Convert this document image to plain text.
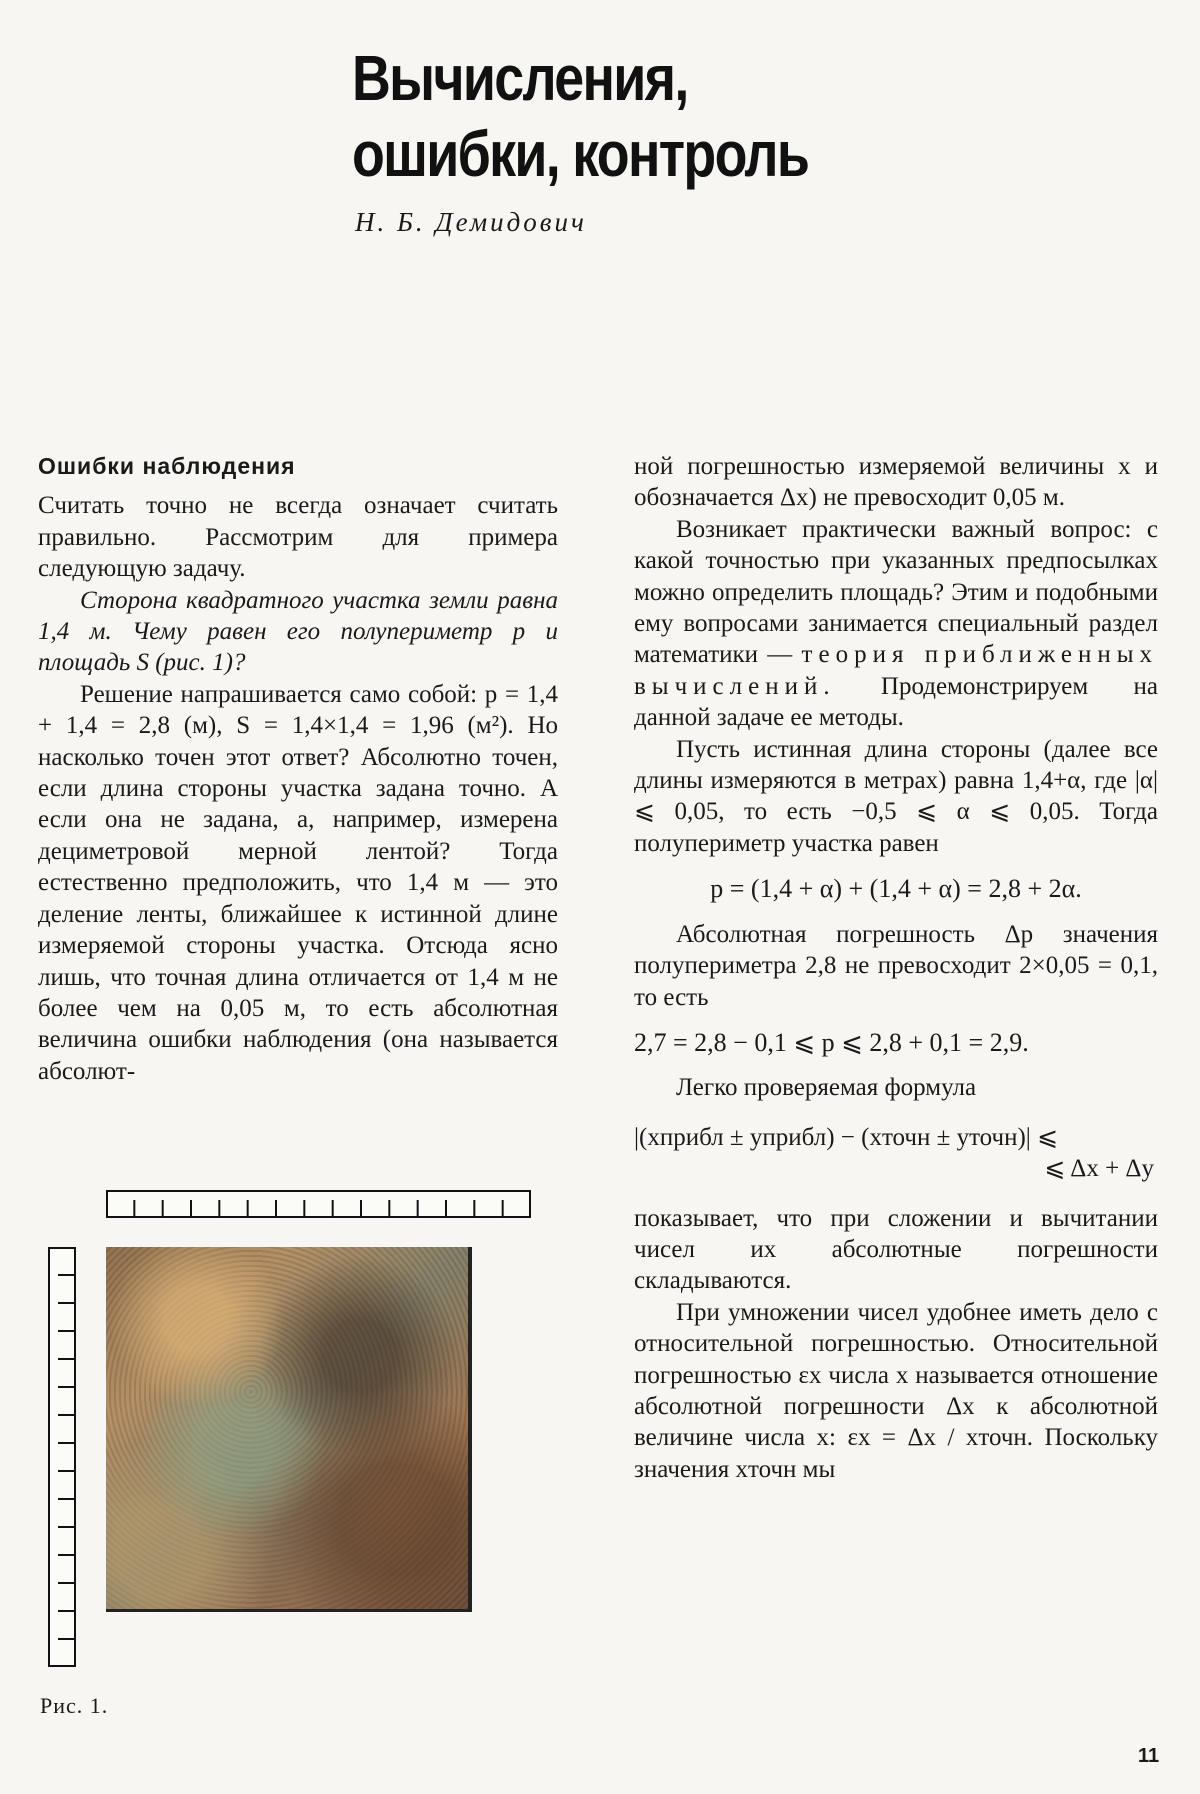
Вычисления,
ошибки, контроль
Н. Б. Демидович
Ошибки наблюдения

Считать точно не всегда означает считать правильно. Рассмотрим для примера следующую задачу.

Сторона квадратного участка земли равна 1,4 м. Чему равен его полупериметр p и площадь S (рис. 1)?

Решение напрашивается само собой: p = 1,4 + 1,4 = 2,8 (м), S = 1,4×1,4 = 1,96 (м²). Но насколько точен этот ответ? Абсолютно точен, если длина стороны участка задана точно. А если она не задана, а, например, измерена дециметровой мерной лентой? Тогда естественно предположить, что 1,4 м — это деление ленты, ближайшее к истинной длине измеряемой стороны участка. Отсюда ясно лишь, что точная длина отличается от 1,4 м не более чем на 0,05 м, то есть абсолютная величина ошибки наблюдения (она называется абсолют-

Рис. 1.

ной погрешностью измеряемой величины x и обозначается Δx) не превосходит 0,05 м.

Возникает практически важный вопрос: с какой точностью при указанных предпосылках можно определить площадь? Этим и подобными ему вопросами занимается специальный раздел математики — теория приближенных вычислений. Продемонстрируем на данной задаче ее методы.

Пусть истинная длина стороны (далее все длины измеряются в метрах) равна 1,4+α, где |α| ⩽ 0,05, то есть −0,5 ⩽ α ⩽ 0,05. Тогда полупериметр участка равен

p = (1,4 + α) + (1,4 + α) = 2,8 + 2α.

Абсолютная погрешность Δp значения полупериметра 2,8 не превосходит 2×0,05 = 0,1, то есть

2,7 = 2,8 − 0,1 ⩽ p ⩽ 2,8 + 0,1 = 2,9.

Легко проверяемая формула

|(xприбл ± yприбл) − (xточн ± yточн)| ⩽
⩽ Δx + Δy

показывает, что при сложении и вычитании чисел их абсолютные погрешности складываются.

При умножении чисел удобнее иметь дело с относительной погрешностью. Относительной погрешностью εx числа x называется отношение абсолютной погрешности Δx к абсолютной величине числа x: εx = Δx / xточн. Поскольку значения xточн мы

11
